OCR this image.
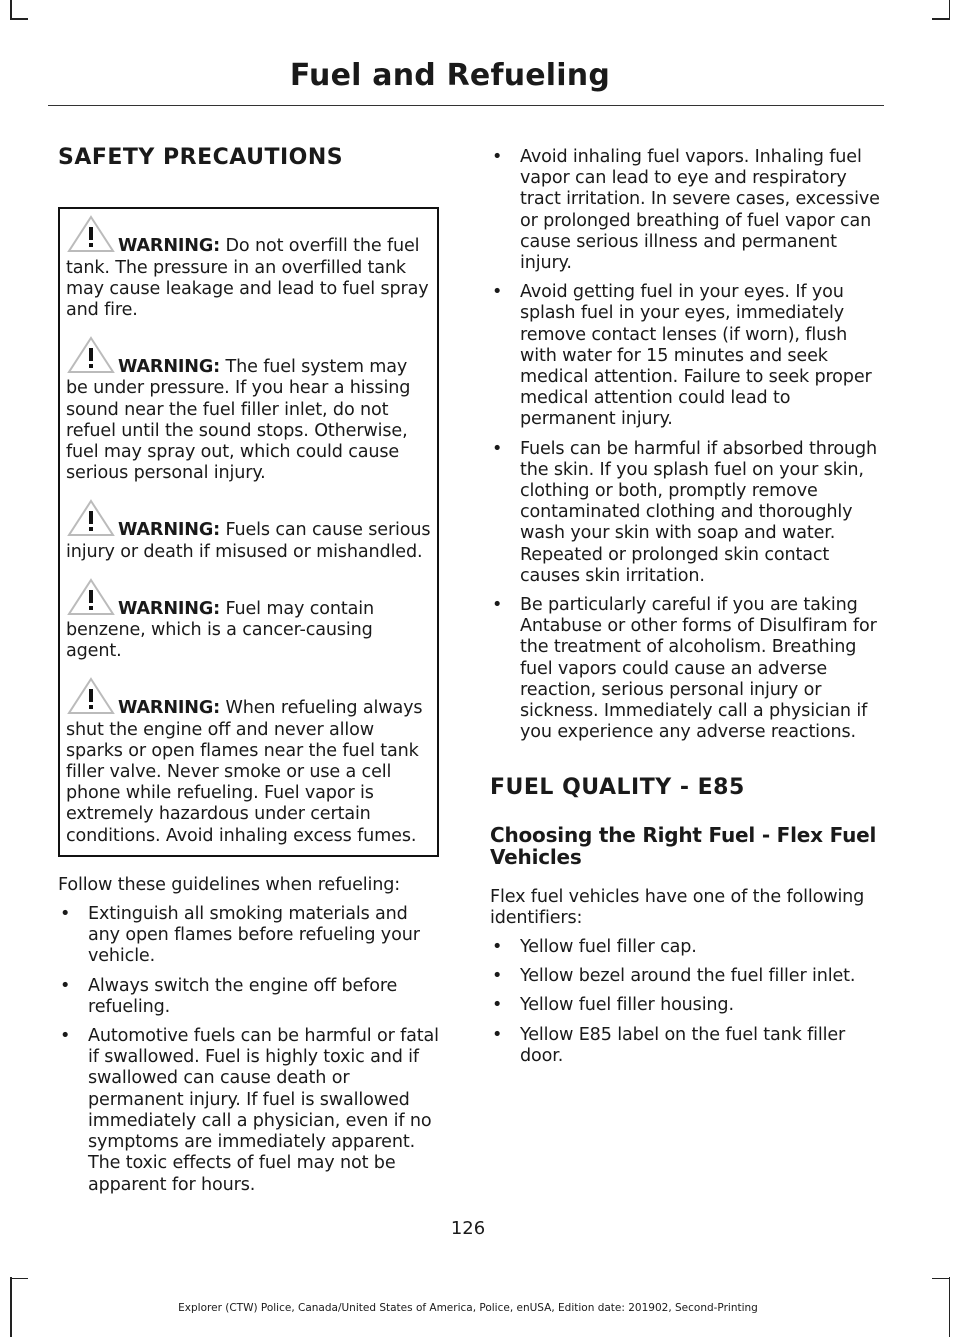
Fuel and Refueling
SAFETY PRECAUTIONS

WARNING: Do not overfill the fuel tank. The pressure in an overfilled tank may cause leakage and lead to fuel spray and fire.

WARNING: The fuel system may be under pressure. If you hear a hissing sound near the fuel filler inlet, do not refuel until the sound stops. Otherwise, fuel may spray out, which could cause serious personal injury.

WARNING: Fuels can cause serious injury or death if misused or mishandled.

WARNING: Fuel may contain benzene, which is a cancer-causing agent.

WARNING: When refueling always shut the engine off and never allow sparks or open flames near the fuel tank filler valve. Never smoke or use a cell phone while refueling. Fuel vapor is extremely hazardous under certain conditions. Avoid inhaling excess fumes.

Follow these guidelines when refueling:

• Extinguish all smoking materials and any open flames before refueling your vehicle.
• Always switch the engine off before refueling.
• Automotive fuels can be harmful or fatal if swallowed. Fuel is highly toxic and if swallowed can cause death or permanent injury. If fuel is swallowed immediately call a physician, even if no symptoms are immediately apparent. The toxic effects of fuel may not be apparent for hours.
• Avoid inhaling fuel vapors. Inhaling fuel vapor can lead to eye and respiratory tract irritation. In severe cases, excessive or prolonged breathing of fuel vapor can cause serious illness and permanent injury.
• Avoid getting fuel in your eyes. If you splash fuel in your eyes, immediately remove contact lenses (if worn), flush with water for 15 minutes and seek medical attention. Failure to seek proper medical attention could lead to permanent injury.
• Fuels can be harmful if absorbed through the skin. If you splash fuel on your skin, clothing or both, promptly remove contaminated clothing and thoroughly wash your skin with soap and water. Repeated or prolonged skin contact causes skin irritation.
• Be particularly careful if you are taking Antabuse or other forms of Disulfiram for the treatment of alcoholism. Breathing fuel vapors could cause an adverse reaction, serious personal injury or sickness. Immediately call a physician if you experience any adverse reactions.
FUEL QUALITY - E85
Choosing the Right Fuel - Flex Fuel Vehicles

Flex fuel vehicles have one of the following identifiers:

• Yellow fuel filler cap.
• Yellow bezel around the fuel filler inlet.
• Yellow fuel filler housing.
• Yellow E85 label on the fuel tank filler door.
126
Explorer (CTW) Police, Canada/United States of America, Police, enUSA, Edition date: 201902, Second-Printing
